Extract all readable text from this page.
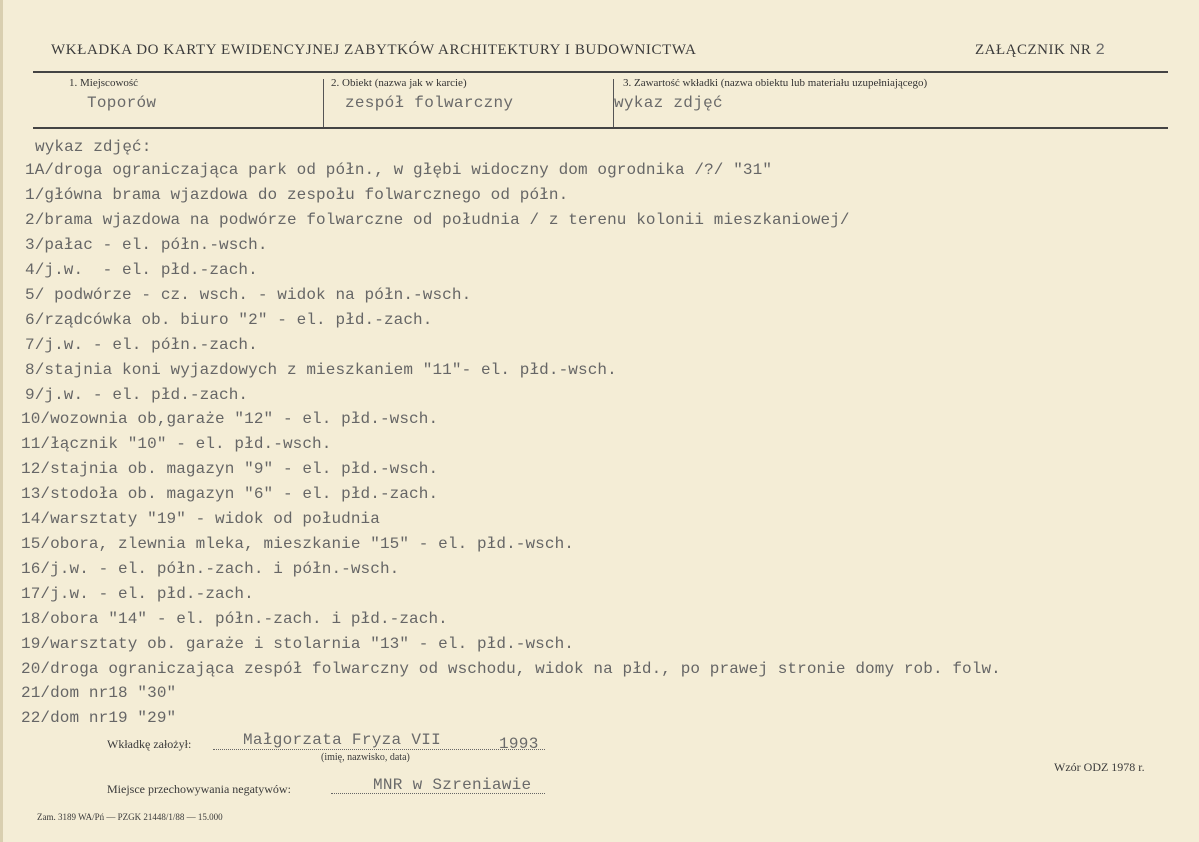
WKŁADKA DO KARTY EWIDENCYJNEJ ZABYTKÓW ARCHITEKTURY I BUDOWNICTWA	ZAŁĄCZNIK NR 2
1. Miejscowość
Toporów
2. Obiekt (nazwa jak w karcie)
zespół folwarczny
3. Zawartość wkładki (nazwa obiektu lub materiału uzupełniającego)
wykaz zdjęć
wykaz zdjęć:
1A/droga ograniczająca park od półn., w głębi widoczny dom ogrodnika /?/ "31"
1/główna brama wjazdowa do zespołu folwarcznego od półn.
2/brama wjazdowa na podwórze folwarczne od południa / z terenu kolonii mieszkaniowej/
3/pałac - el. półn.-wsch.
4/j.w.  - el. płd.-zach.
5/ podwórze - cz. wsch. - widok na półn.-wsch.
6/rządcówka ob. biuro "2" - el. płd.-zach.
7/j.w. - el. półn.-zach.
8/stajnia koni wyjazdowych z mieszkaniem "11"- el. płd.-wsch.
9/j.w. - el. płd.-zach.
10/wozownia ob,garaże "12" - el. płd.-wsch.
11/łącznik "10" - el. płd.-wsch.
12/stajnia ob. magazyn "9" - el. płd.-wsch.
13/stodoła ob. magazyn "6" - el. płd.-zach.
14/warsztaty "19" - widok od południa
15/obora, zlewnia mleka, mieszkanie "15" - el. płd.-wsch.
16/j.w. - el. półn.-zach. i półn.-wsch.
17/j.w. - el. płd.-zach.
18/obora "14" - el. półn.-zach. i płd.-zach.
19/warsztaty ob. garaże i stolarnia "13" - el. płd.-wsch.
20/droga ograniczająca zespół folwarczny od wschodu, widok na płd., po prawej stronie domy rob. folw.
21/dom nr18 "30"
22/dom nr19 "29"
Wkładkę założył:	Małgorzata Fryza VII	1993
(imię, nazwisko, data)
Wzór ODZ 1978 r.
Miejsce przechowywania negatywów:	MNR w Szreniawie
Zam. 3189 WA/Pń — PZGK 21448/1/88 — 15.000
